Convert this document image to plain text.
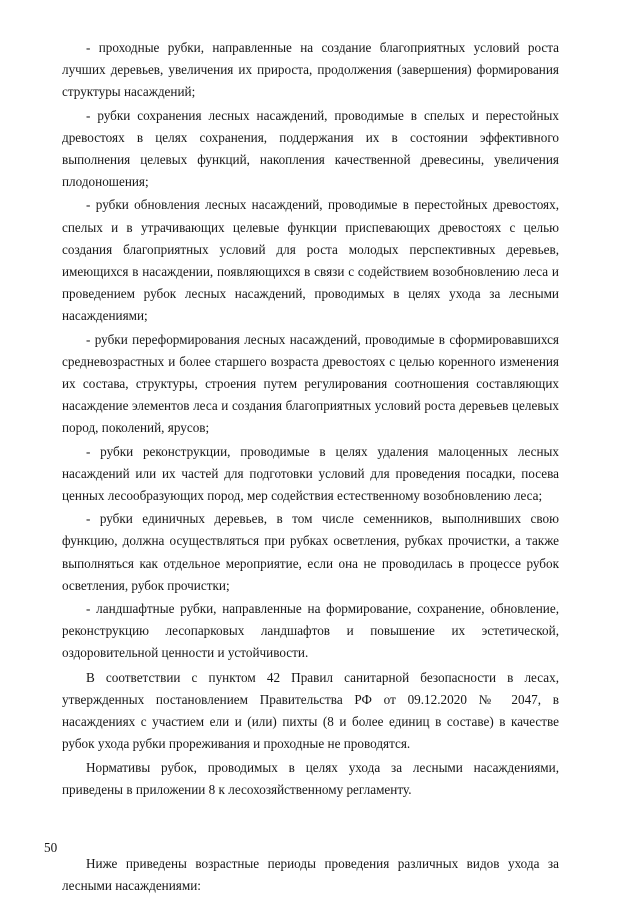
- проходные рубки, направленные на создание благоприятных условий роста лучших деревьев, увеличения их прироста, продолжения (завершения) формирования структуры насаждений;

- рубки сохранения лесных насаждений, проводимые в спелых и перестойных древостоях в целях сохранения, поддержания их в состоянии эффективного выполнения целевых функций, накопления качественной древесины, увеличения плодоношения;

- рубки обновления лесных насаждений, проводимые в перестойных древостоях, спелых и в утрачивающих целевые функции приспевающих древостоях с целью создания благоприятных условий для роста молодых перспективных деревьев, имеющихся в насаждении, появляющихся в связи с содействием возобновлению леса и проведением рубок лесных насаждений, проводимых в целях ухода за лесными насаждениями;

- рубки переформирования лесных насаждений, проводимые в сформировавшихся средневозрастных и более старшего возраста древостоях с целью коренного изменения их состава, структуры, строения путем регулирования соотношения составляющих насаждение элементов леса и создания благоприятных условий роста деревьев целевых пород, поколений, ярусов;

- рубки реконструкции, проводимые в целях удаления малоценных лесных насаждений или их частей для подготовки условий для проведения посадки, посева ценных лесообразующих пород, мер содействия естественному возобновлению леса;

- рубки единичных деревьев, в том числе семенников, выполнивших свою функцию, должна осуществляться при рубках осветления, рубках прочистки, а также выполняться как отдельное мероприятие, если она не проводилась в процессе рубок осветления, рубок прочистки;

- ландшафтные рубки, направленные на формирование, сохранение, обновление, реконструкцию лесопарковых ландшафтов и повышение их эстетической, оздоровительной ценности и устойчивости.

В соответствии с пунктом 42 Правил санитарной безопасности в лесах, утвержденных постановлением Правительства РФ от 09.12.2020 № 2047, в насаждениях с участием ели и (или) пихты (8 и более единиц в составе) в качестве рубок ухода рубки прореживания и проходные не проводятся.

Нормативы рубок, проводимых в целях ухода за лесными насаждениями, приведены в приложении 8 к лесохозяйственному регламенту.

Ниже приведены возрастные периоды проведения различных видов ухода за лесными насаждениями:

50
